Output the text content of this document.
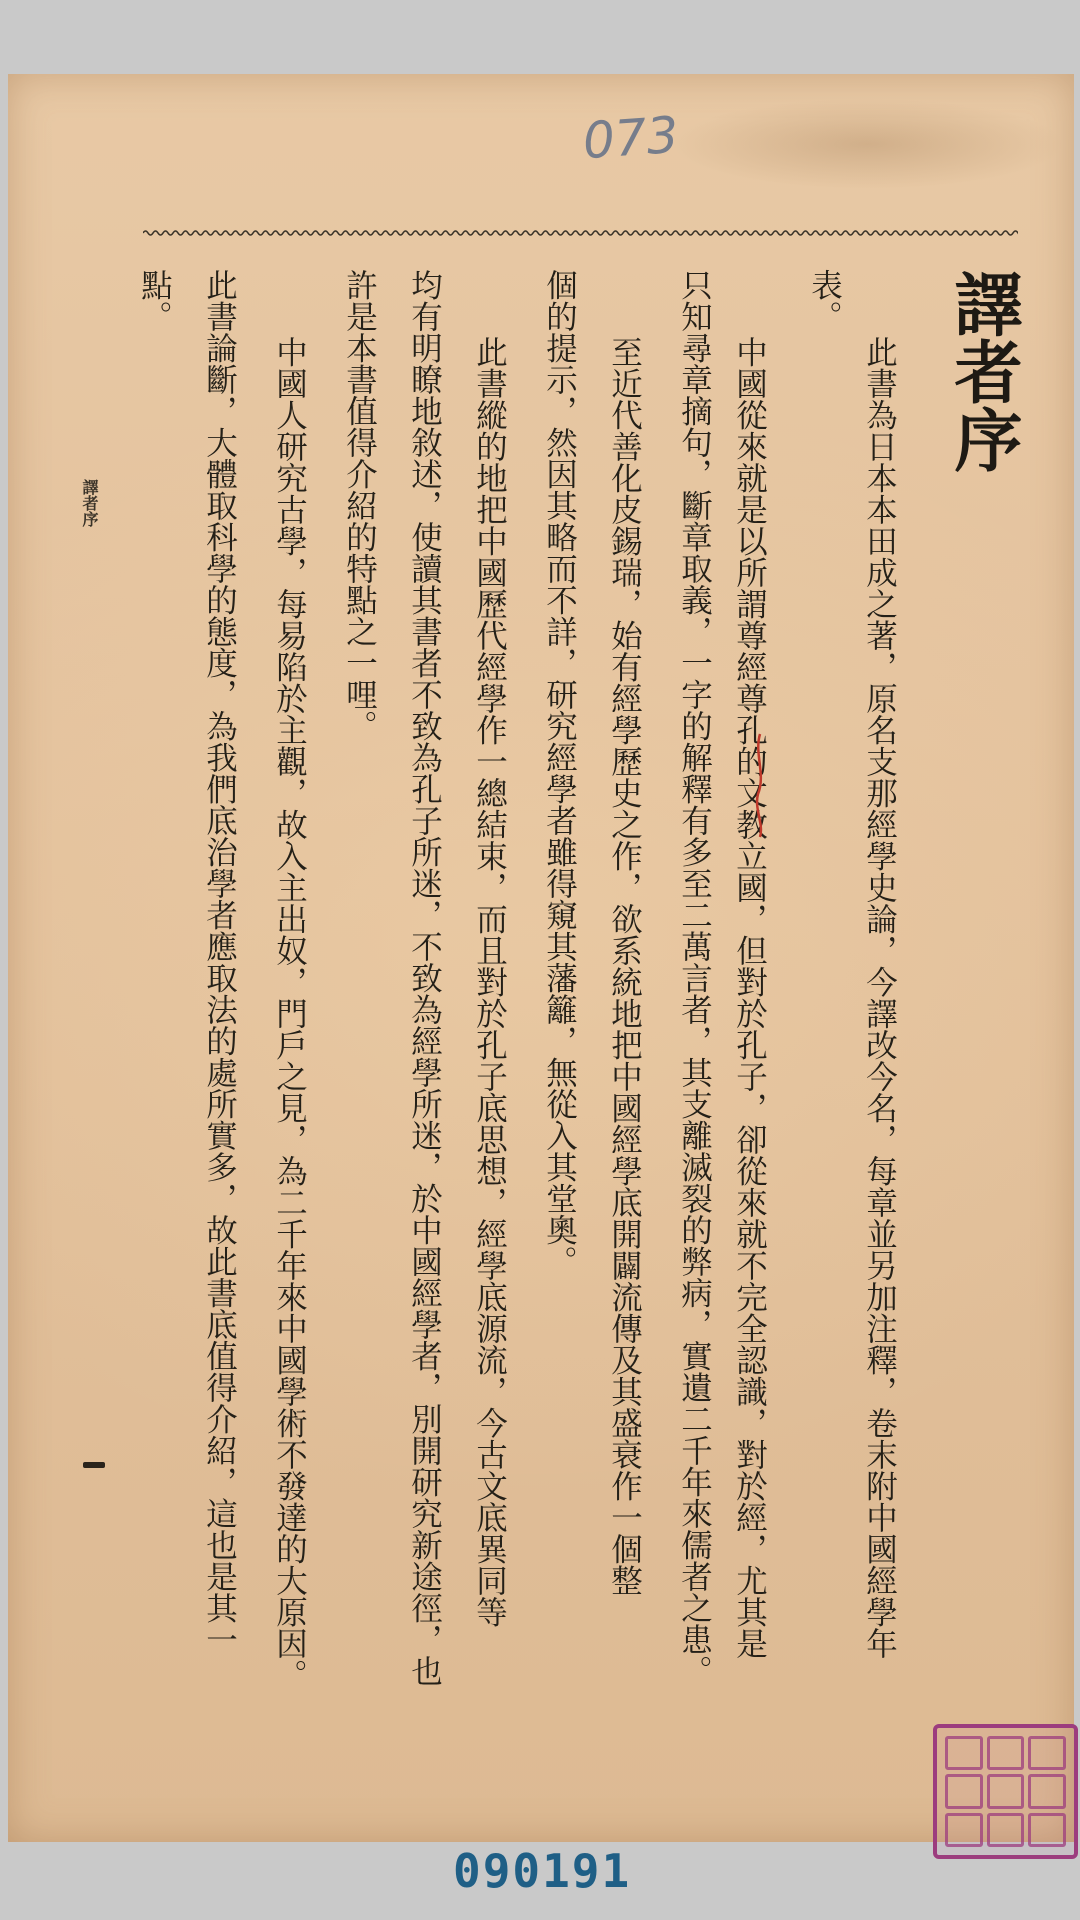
073
譯者序
此書為日本本田成之著，原名支那經學史論，今譯改今名，每章並另加注釋，卷末附中國經學年
表。
中國從來就是以所謂尊經尊孔的文教立國，但對於孔子，卻從來就不完全認識，對於經，尤其是
只知尋章摘句，斷章取義，一字的解釋有多至二萬言者，其支離滅裂的弊病，實遺二千年來儒者之患。
至近代善化皮錫瑞，始有經學歷史之作，欲系統地把中國經學底開闢流傳及其盛衰作一個整
個的提示，然因其略而不詳，研究經學者雖得窺其藩籬，無從入其堂奧。
此書縱的地把中國歷代經學作一總結束，而且對於孔子底思想，經學底源流，今古文底異同等
均有明瞭地敘述，使讀其書者不致為孔子所迷，不致為經學所迷，於中國經學者，別開研究新途徑，也
許是本書值得介紹的特點之一哩。
中國人研究古學，每易陷於主觀，故入主出奴，門戶之見，為二千年來中國學術不發達的大原因。
此書論斷，大體取科學的態度，為我們底治學者應取法的處所實多，故此書底值得介紹，這也是其一
點。
譯者序
090191
